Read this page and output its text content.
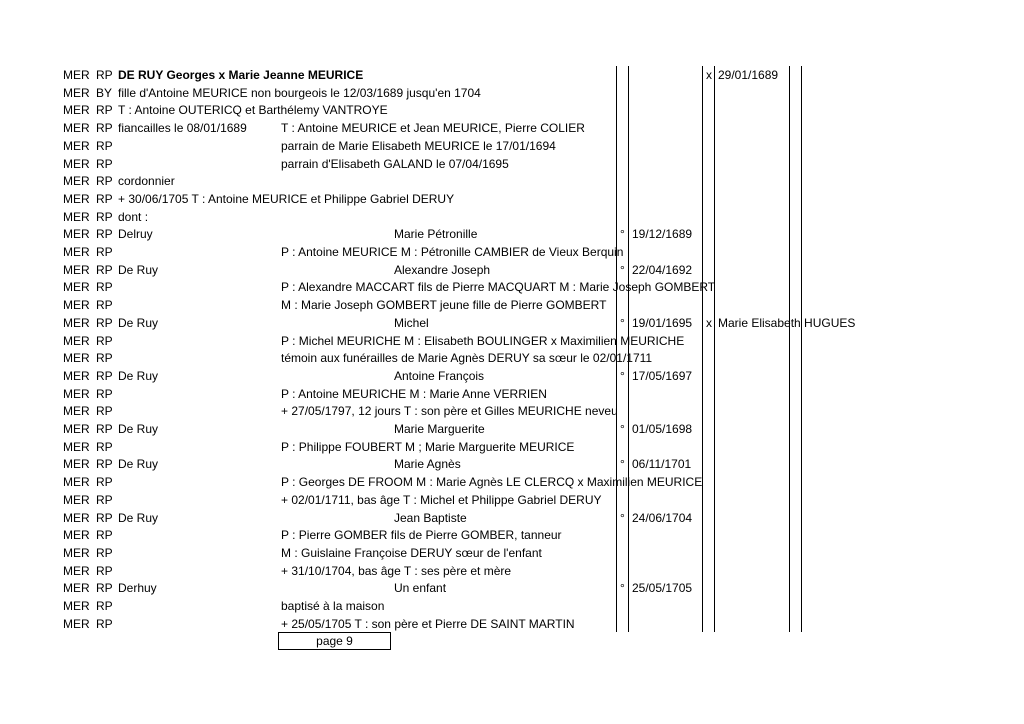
MER RP DE RUY Georges x Marie Jeanne MEURICE	x 29/01/1689
MER BY fille d'Antoine MEURICE non bourgeois le 12/03/1689 jusqu'en 1704
MER RP T : Antoine OUTERICQ et Barthélemy VANTROYE
MER RP fiancailles le 08/01/1689	T : Antoine MEURICE et Jean MEURICE, Pierre COLIER
MER RP	parrain de Marie Elisabeth MEURICE le 17/01/1694
MER RP	parrain d'Elisabeth GALAND le 07/04/1695
MER RP cordonnier
MER RP + 30/06/1705 T : Antoine MEURICE et Philippe Gabriel DERUY
MER RP dont :
MER RP Delruy	Marie Pétronille	° 19/12/1689
MER RP	P : Antoine MEURICE M : Pétronille CAMBIER de Vieux Berquin
MER RP De Ruy	Alexandre Joseph	° 22/04/1692
MER RP	P : Alexandre MACCART fils de Pierre MACQUART M : Marie Joseph GOMBERT
MER RP	M : Marie Joseph GOMBERT jeune fille de Pierre GOMBERT
MER RP De Ruy	Michel	° 19/01/1695 x Marie Elisabeth HUGUES
MER RP	P : Michel MEURICHE M : Elisabeth BOULINGER x Maximilien MEURICHE
MER RP	témoin aux funérailles de Marie Agnès DERUY sa sœur le 02/01/1711
MER RP De Ruy	Antoine François	° 17/05/1697
MER RP	P : Antoine MEURICHE M : Marie Anne VERRIEN
MER RP	+ 27/05/1797, 12 jours T : son père et Gilles MEURICHE neveu
MER RP De Ruy	Marie Marguerite	° 01/05/1698
MER RP	P : Philippe FOUBERT M ; Marie Marguerite MEURICE
MER RP De Ruy	Marie Agnès	° 06/11/1701
MER RP	P : Georges DE FROOM M : Marie Agnès LE CLERCQ x Maximilien MEURICE
MER RP	+ 02/01/1711, bas âge T : Michel et Philippe Gabriel DERUY
MER RP De Ruy	Jean Baptiste	° 24/06/1704
MER RP	P : Pierre GOMBER fils de Pierre GOMBER, tanneur
MER RP	M : Guislaine Françoise DERUY sœur de l'enfant
MER RP	+ 31/10/1704, bas âge T : ses père et mère
MER RP Derhuy	Un enfant	° 25/05/1705
MER RP	baptisé à la maison
MER RP	+ 25/05/1705 T : son père et Pierre DE SAINT MARTIN
page 9
